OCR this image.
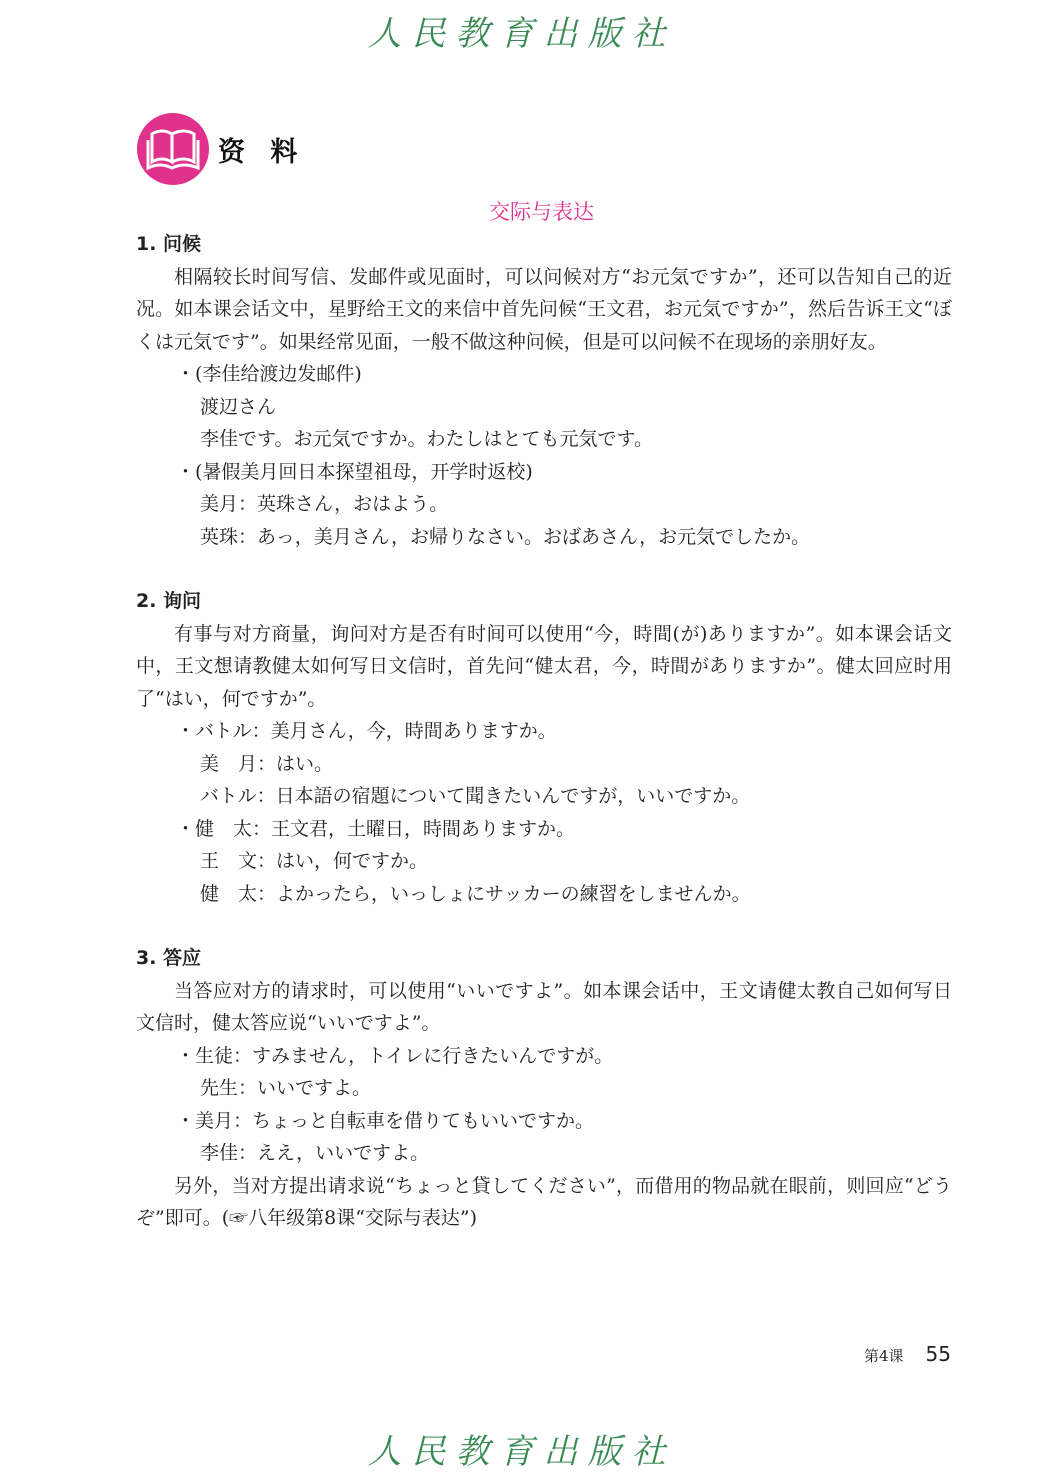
人民教育出版社
资 料
交际与表达
1. 问候
相隔较长时间写信、发邮件或见面时，可以问候对方“お元気ですか”，还可以告知自己的近况。如本课会话文中，星野给王文的来信中首先问候“王文君，お元気ですか”，然后告诉王文“ぼくは元気です”。如果经常见面，一般不做这种问候，但是可以问候不在现场的亲朋好友。
・(李佳给渡边发邮件)
渡辺さん
李佳です。お元気ですか。わたしはとても元気です。
・(暑假美月回日本探望祖母，开学时返校)
美月：英珠さん，おはよう。
英珠：あっ，美月さん，お帰りなさい。おばあさん，お元気でしたか。
2. 询问
有事与对方商量，询问对方是否有时间可以使用“今，時間(が)ありますか”。如本课会话文中，王文想请教健太如何写日文信时，首先问“健太君，今，時間がありますか”。健太回应时用了“はい，何ですか”。
・バトル：美月さん，今，時間ありますか。
美　月：はい。
バトル：日本語の宿題について聞きたいんですが，いいですか。
・健　太：王文君，土曜日，時間ありますか。
王　文：はい，何ですか。
健　太：よかったら，いっしょにサッカーの練習をしませんか。
3. 答应
当答应对方的请求时，可以使用“いいですよ”。如本课会话中，王文请健太教自己如何写日文信时，健太答应说“いいですよ”。
・生徒：すみません，トイレに行きたいんですが。
先生：いいですよ。
・美月：ちょっと自転車を借りてもいいですか。
李佳：ええ，いいですよ。
另外，当对方提出请求说“ちょっと貸してください”，而借用的物品就在眼前，则回应“どうぞ”即可。(☞八年级第8课“交际与表达”)
第4课 55
人民教育出版社
